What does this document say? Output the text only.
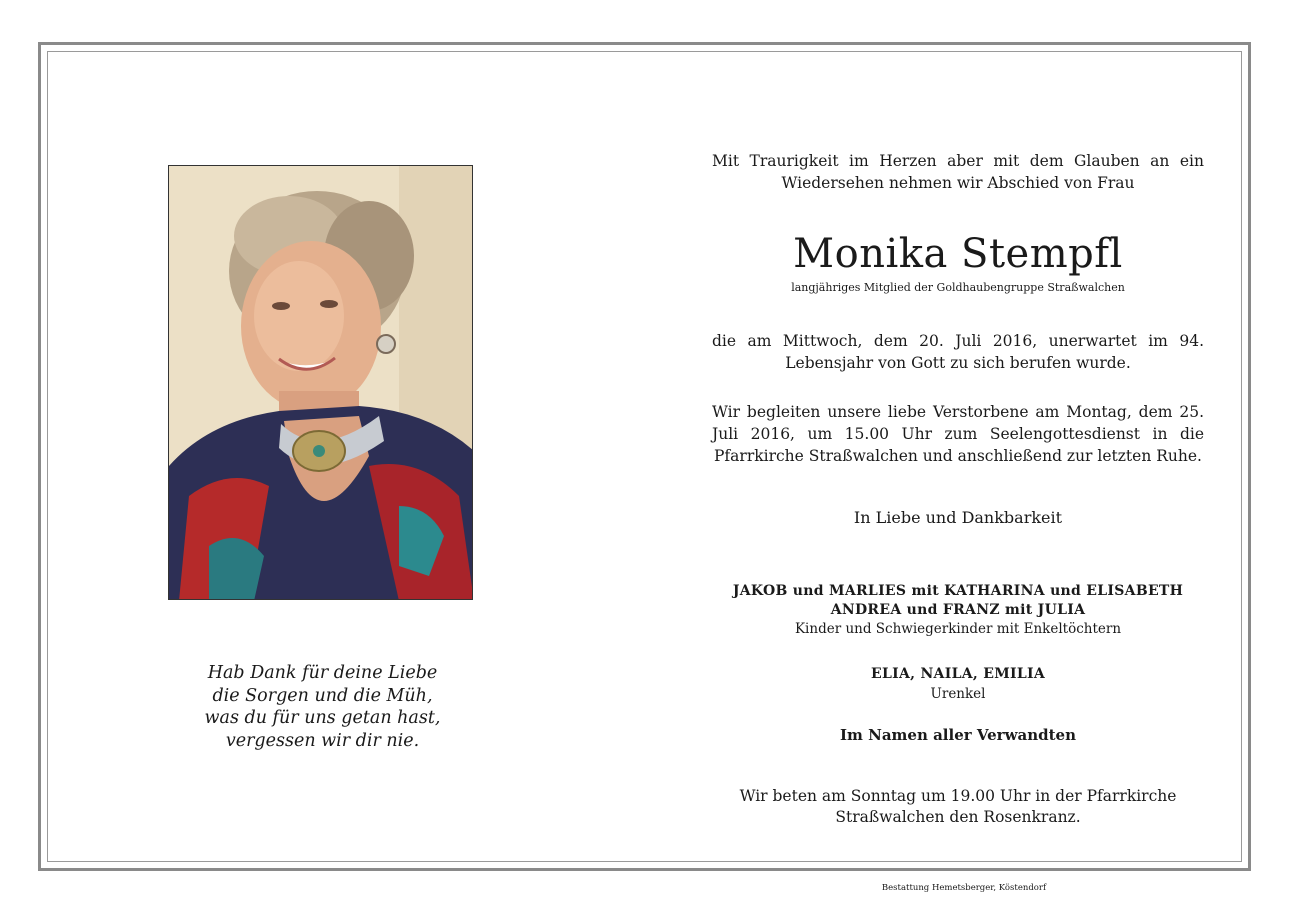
Hab Dank für deine Liebe
die Sorgen und die Müh,
was du für uns getan hast,
vergessen wir dir nie.
Mit Traurigkeit im Herzen aber mit dem Glauben an ein Wiedersehen nehmen wir Abschied von Frau
Monika Stempfl
langjähriges Mitglied der Goldhaubengruppe Straßwalchen
die am Mittwoch, dem 20. Juli 2016, unerwartet im 94. Lebensjahr von Gott zu sich berufen wurde.
Wir begleiten unsere liebe Verstorbene am Montag, dem 25. Juli 2016, um 15.00 Uhr zum Seelengottesdienst in die Pfarrkirche Straßwalchen und anschließend zur letzten Ruhe.
In Liebe und Dankbarkeit
JAKOB und MARLIES mit KATHARINA und ELISABETH
ANDREA und FRANZ mit JULIA
Kinder und Schwiegerkinder mit Enkeltöchtern
ELIA, NAILA, EMILIA
Urenkel
Im Namen aller Verwandten
Wir beten am Sonntag um 19.00 Uhr in der Pfarrkirche
Straßwalchen den Rosenkranz.
Bestattung Hemetsberger, Köstendorf
